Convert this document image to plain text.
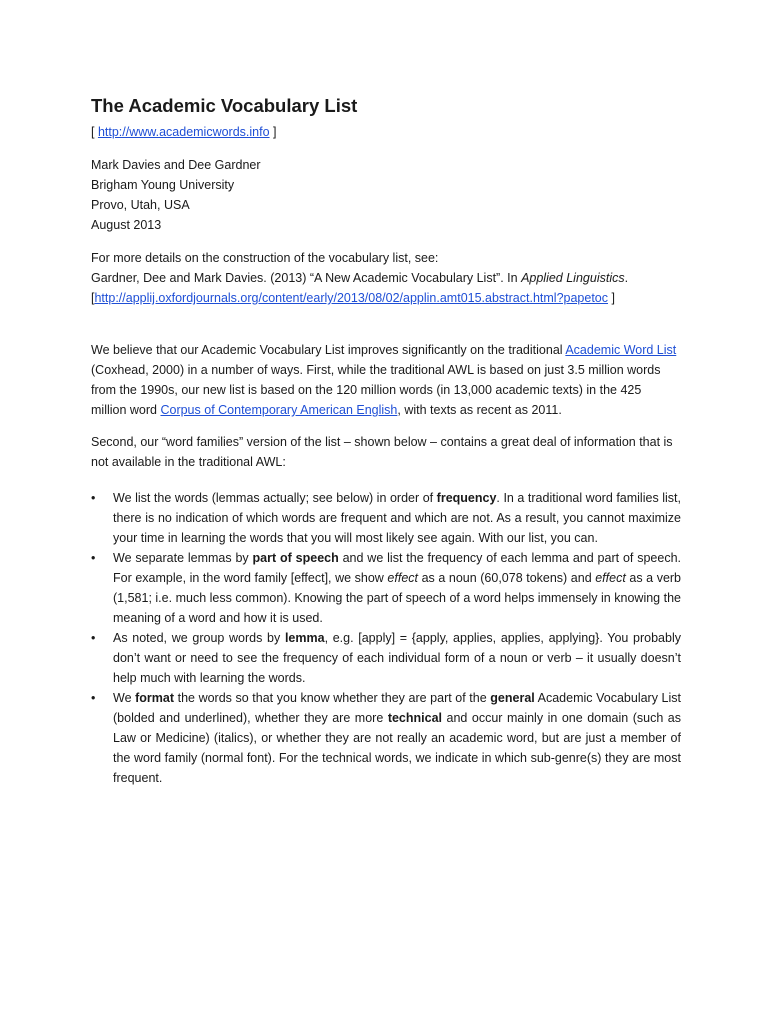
The Academic Vocabulary List
[ http://www.academicwords.info ]
Mark Davies and Dee Gardner
Brigham Young University
Provo, Utah, USA
August 2013
For more details on the construction of the vocabulary list, see:
Gardner, Dee and Mark Davies. (2013) “A New Academic Vocabulary List”. In Applied Linguistics.
[http://applij.oxfordjournals.org/content/early/2013/08/02/applin.amt015.abstract.html?papetoc ]

We believe that our Academic Vocabulary List improves significantly on the traditional Academic Word List (Coxhead, 2000) in a number of ways. First, while the traditional AWL is based on just 3.5 million words from the 1990s, our new list is based on the 120 million words (in 13,000 academic texts) in the 425 million word Corpus of Contemporary American English, with texts as recent as 2011.

Second, our “word families” version of the list – shown below – contains a great deal of information that is not available in the traditional AWL:

• We list the words (lemmas actually; see below) in order of frequency. In a traditional word families list, there is no indication of which words are frequent and which are not. As a result, you cannot maximize your time in learning the words that you will most likely see again. With our list, you can.
• We separate lemmas by part of speech and we list the frequency of each lemma and part of speech. For example, in the word family [effect], we show effect as a noun (60,078 tokens) and effect as a verb (1,581; i.e. much less common). Knowing the part of speech of a word helps immensely in knowing the meaning of a word and how it is used.
• As noted, we group words by lemma, e.g. [apply] = {apply, applies, applies, applying}. You probably don’t want or need to see the frequency of each individual form of a noun or verb – it usually doesn’t help much with learning the words.
• We format the words so that you know whether they are part of the general Academic Vocabulary List (bolded and underlined), whether they are more technical and occur mainly in one domain (such as Law or Medicine) (italics), or whether they are not really an academic word, but are just a member of the word family (normal font). For the technical words, we indicate in which sub-genre(s) they are most frequent.
